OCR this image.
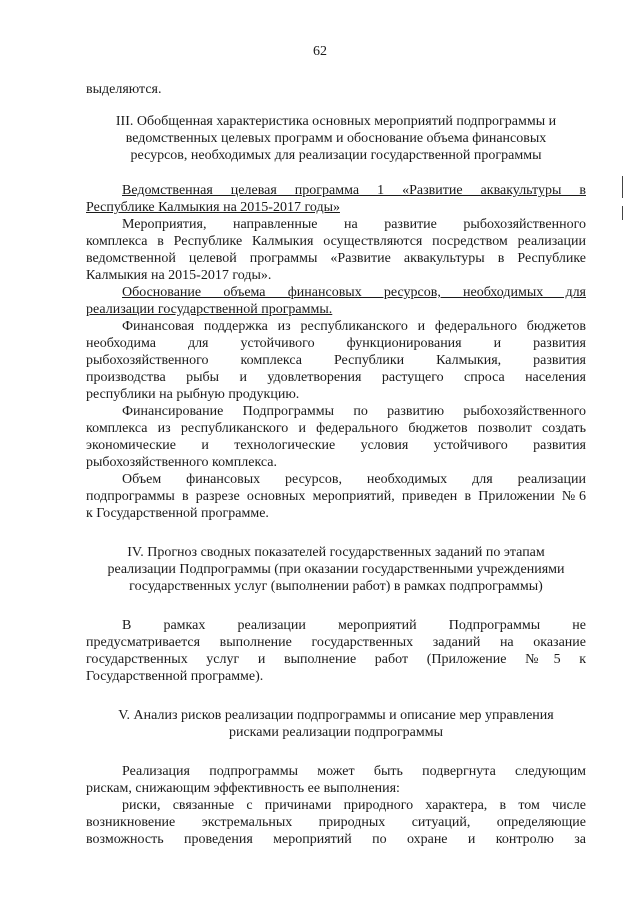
62
выделяются.
III. Обобщенная характеристика основных мероприятий подпрограммы и
ведомственных целевых программ и обоснование объема финансовых
ресурсов, необходимых для реализации государственной программы
Ведомственная целевая программа 1 «Развитие аквакультуры в
Республике Калмыкия на 2015-2017 годы»
Мероприятия, направленные на развитие рыбохозяйственного
комплекса в Республике Калмыкия осуществляются посредством реализации
ведомственной целевой программы «Развитие аквакультуры в Республике
Калмыкия на 2015-2017 годы».
Обоснование объема финансовых ресурсов, необходимых для
реализации государственной программы.
Финансовая поддержка из республиканского и федерального бюджетов
необходима для устойчивого функционирования и развития
рыбохозяйственного комплекса Республики Калмыкия, развития
производства рыбы и удовлетворения растущего спроса населения
республики на рыбную продукцию.
Финансирование Подпрограммы по развитию рыбохозяйственного
комплекса из республиканского и федерального бюджетов позволит создать
экономические и технологические условия устойчивого развития
рыбохозяйственного комплекса.
Объем финансовых ресурсов, необходимых для реализации
подпрограммы в разрезе основных мероприятий, приведен в Приложении №6
к Государственной программе.
IV. Прогноз сводных показателей государственных заданий по этапам
реализации Подпрограммы (при оказании государственными учреждениями
государственных услуг (выполнении работ) в рамках подпрограммы)
В рамках реализации мероприятий Подпрограммы не
предусматривается выполнение государственных заданий на оказание
государственных услуг и выполнение работ (Приложение №5 к
Государственной программе).
V. Анализ рисков реализации подпрограммы и описание мер управления
рисками реализации подпрограммы
Реализация подпрограммы может быть подвергнута следующим
рискам, снижающим эффективность ее выполнения:
риски, связанные с причинами природного характера, в том числе
возникновение экстремальных природных ситуаций, определяющие
возможность проведения мероприятий по охране и контролю за
